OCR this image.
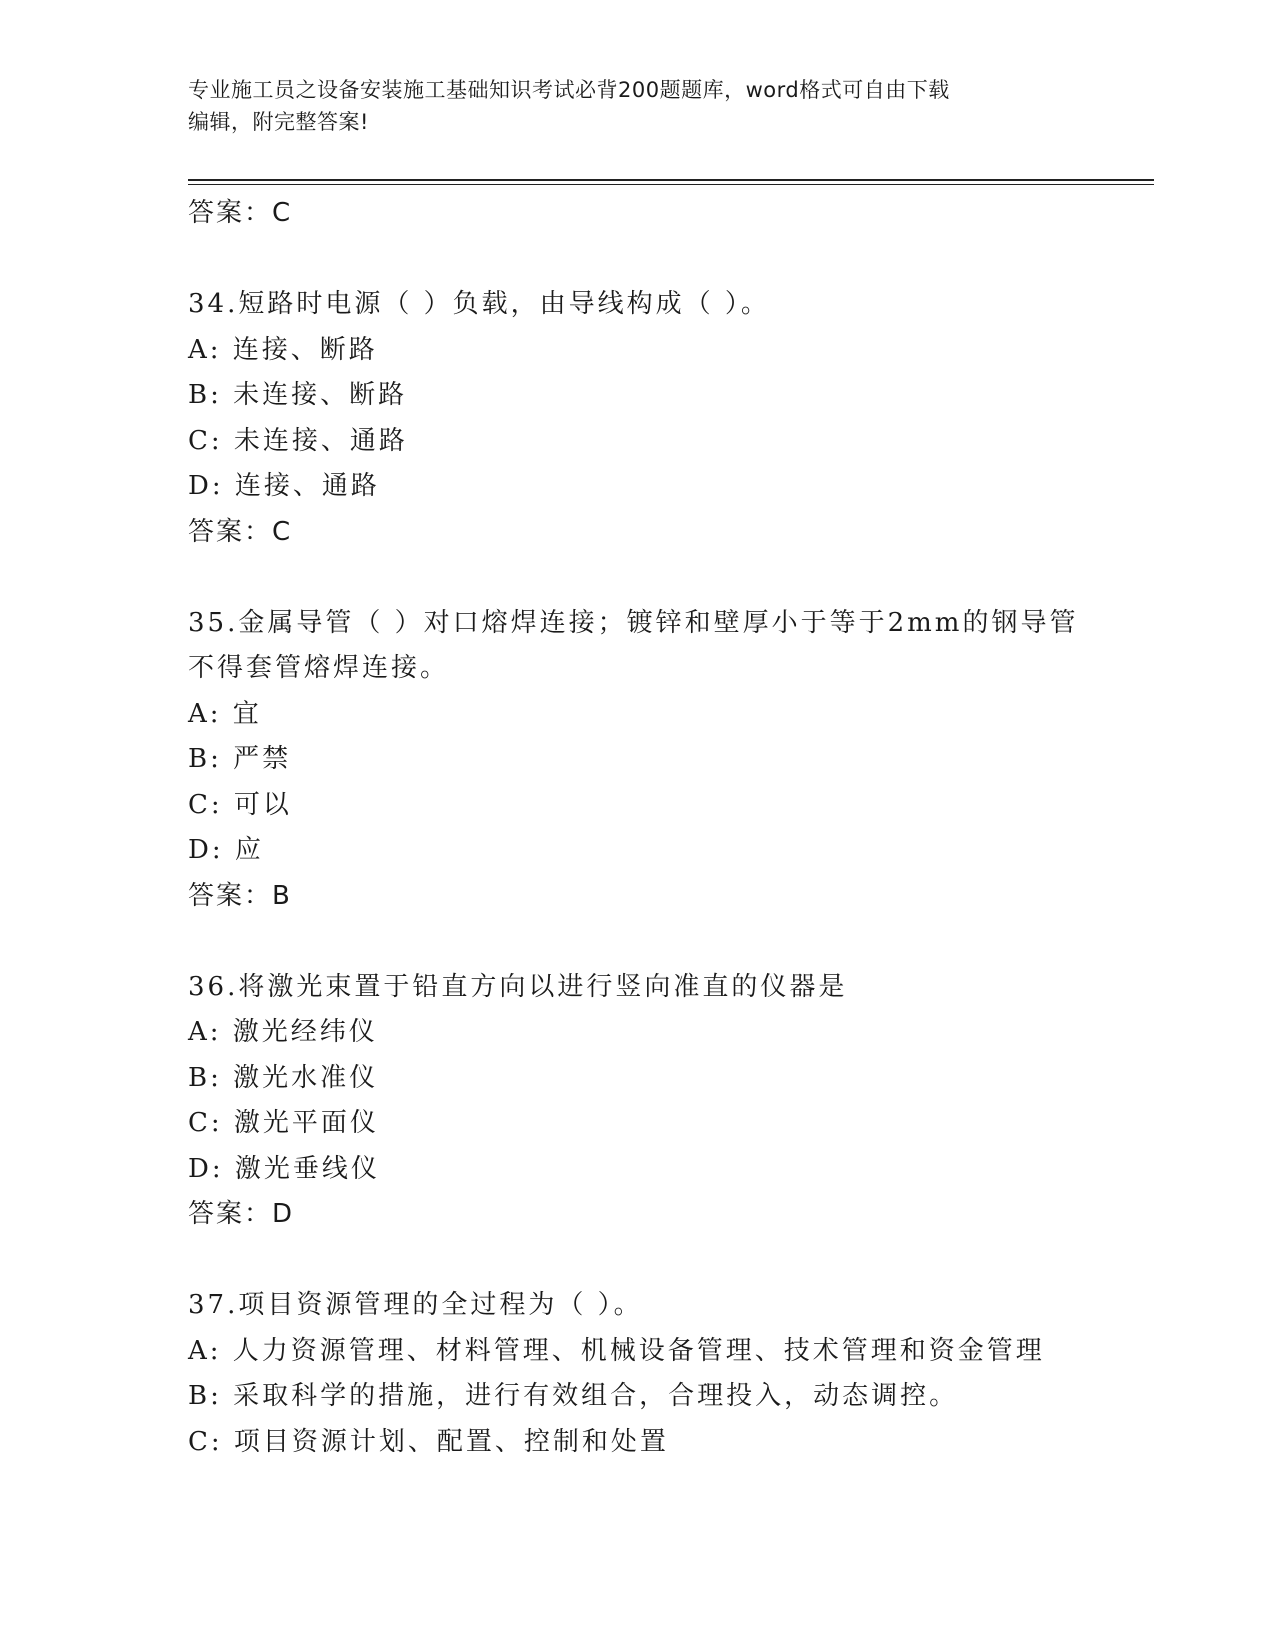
专业施工员之设备安装施工基础知识考试必背200题题库，word格式可自由下载
编辑，附完整答案!
答案：C
34.短路时电源（ ）负载，由导线构成（ ）。
A: 连接、断路
B: 未连接、断路
C: 未连接、通路
D: 连接、通路
答案：C
35.金属导管（ ）对口熔焊连接；镀锌和壁厚小于等于2mm的钢导管
不得套管熔焊连接。
A: 宜
B: 严禁
C: 可以
D: 应
答案：B
36.将激光束置于铅直方向以进行竖向准直的仪器是
A: 激光经纬仪
B: 激光水准仪
C: 激光平面仪
D: 激光垂线仪
答案：D
37.项目资源管理的全过程为（ ）。
A: 人力资源管理、材料管理、机械设备管理、技术管理和资金管理
B: 采取科学的措施，进行有效组合，合理投入，动态调控。
C: 项目资源计划、配置、控制和处置
